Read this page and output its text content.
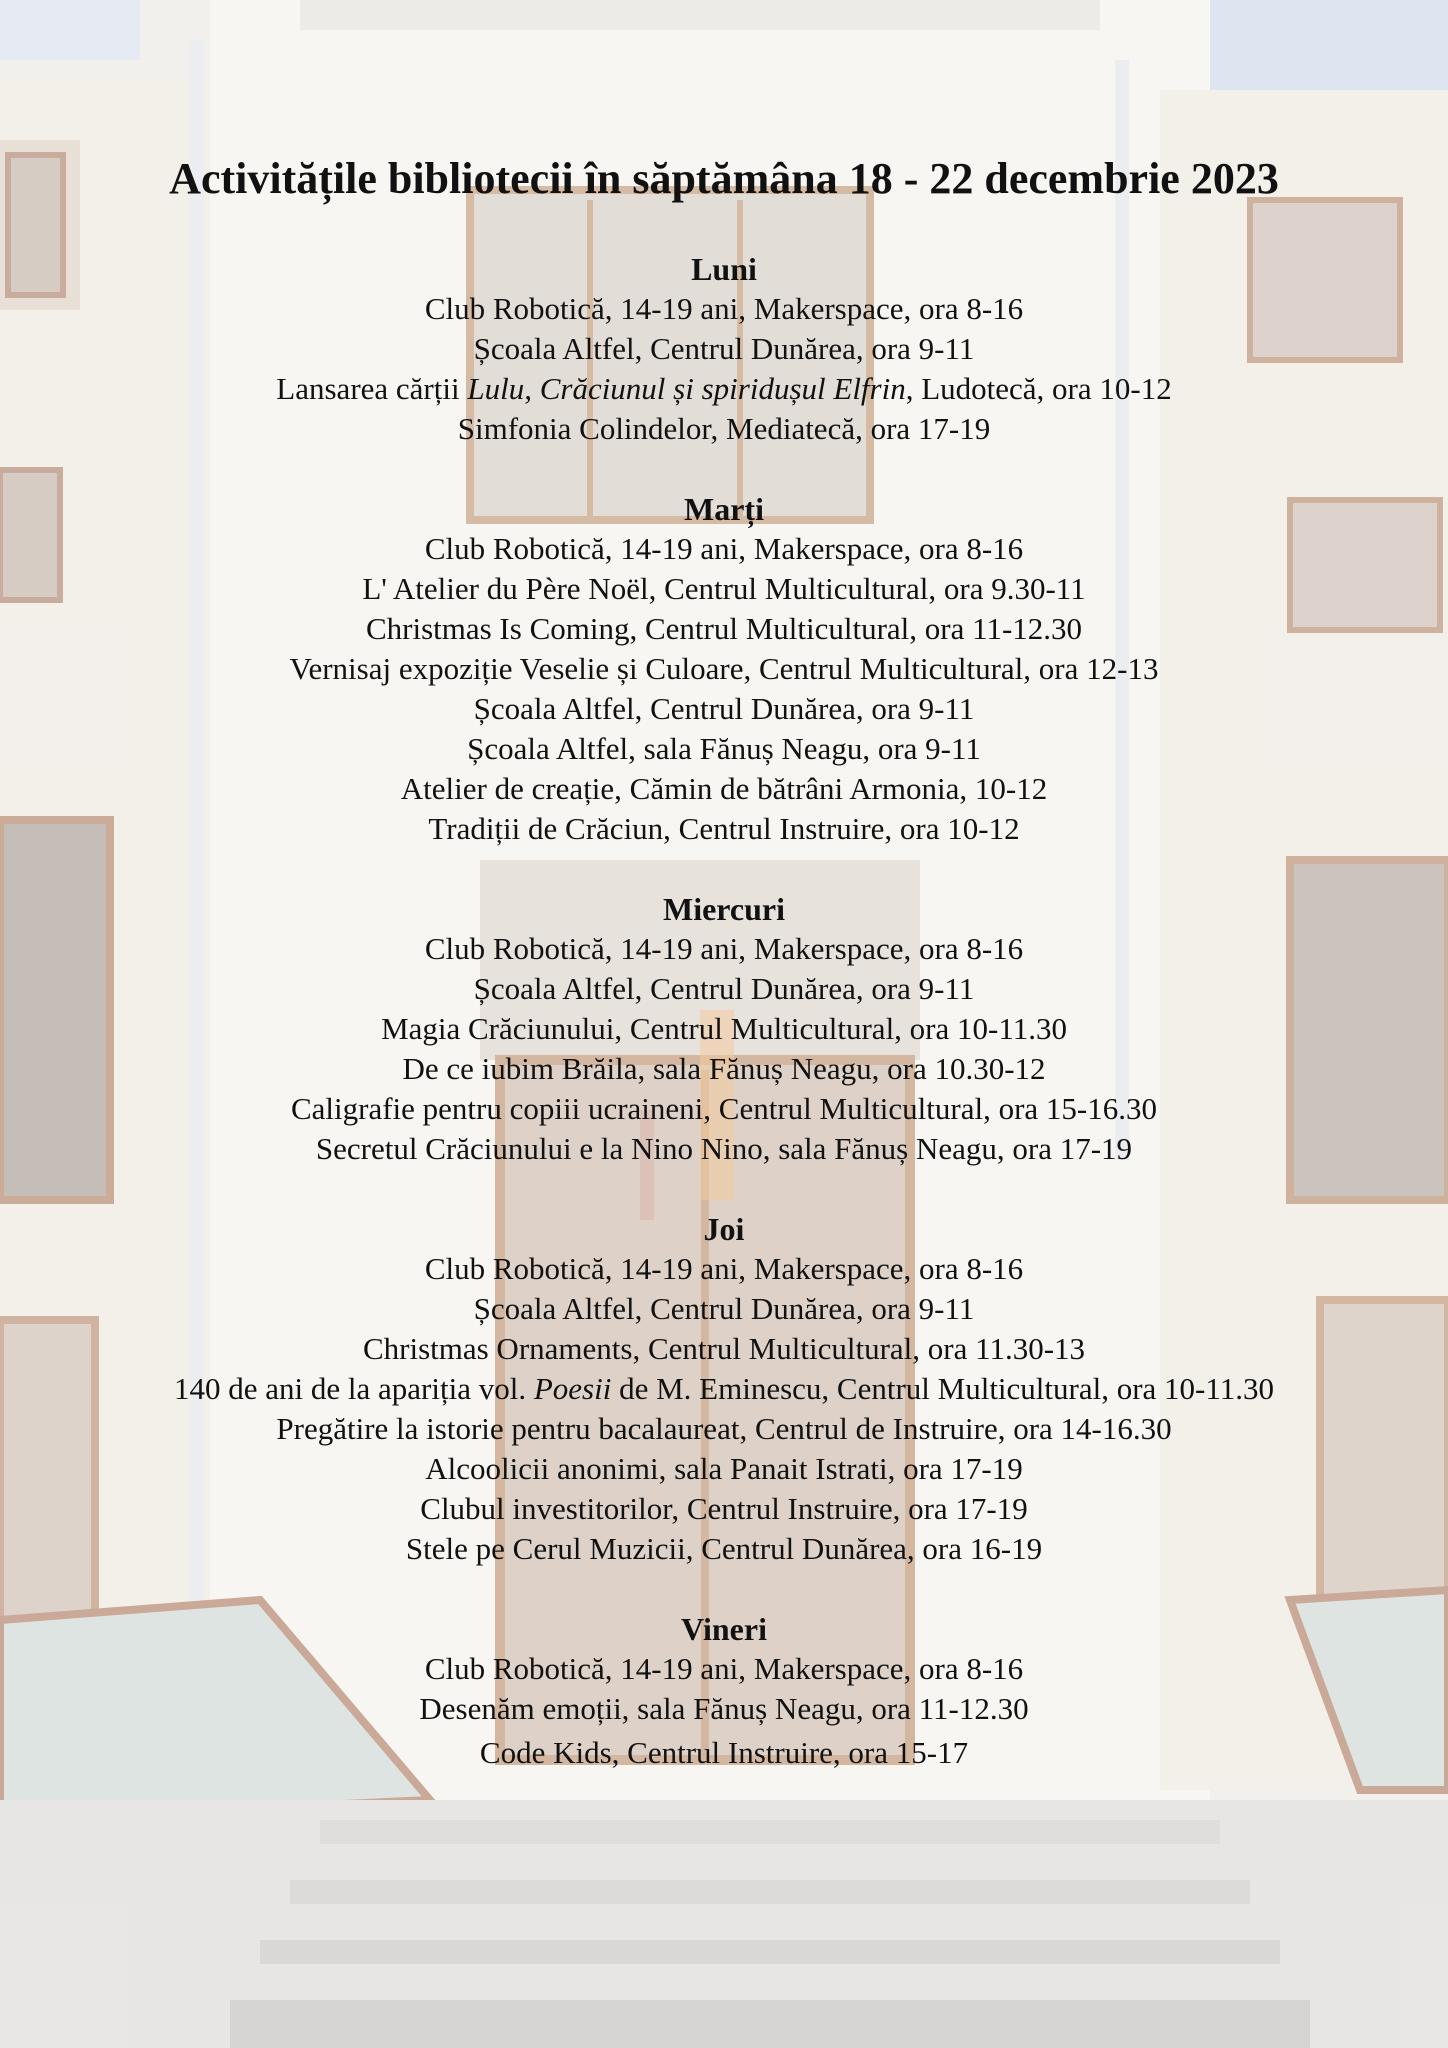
Activitățile bibliotecii în săptămâna 18 - 22 decembrie 2023

Luni

Club Robotică, 14-19 ani, Makerspace, ora 8-16

Școala Altfel, Centrul Dunărea, ora 9-11

Lansarea cărții Lulu, Crăciunul și spiridușul Elfrin, Ludotecă, ora 10-12

Simfonia Colindelor, Mediatecă, ora 17-19

Marți

Club Robotică, 14-19 ani, Makerspace, ora 8-16

L' Atelier du Père Noël, Centrul Multicultural, ora 9.30-11

Christmas Is Coming, Centrul Multicultural, ora 11-12.30

Vernisaj expoziție Veselie și Culoare, Centrul Multicultural, ora 12-13

Școala Altfel, Centrul Dunărea, ora 9-11

Școala Altfel, sala Fănuș Neagu, ora 9-11

Atelier de creație, Cămin de bătrâni Armonia, 10-12

Tradiții de Crăciun, Centrul Instruire, ora 10-12

Miercuri

Club Robotică, 14-19 ani, Makerspace, ora 8-16

Școala Altfel, Centrul Dunărea, ora 9-11

Magia Crăciunului, Centrul Multicultural, ora 10-11.30

De ce iubim Brăila, sala Fănuș Neagu, ora 10.30-12

Caligrafie pentru copiii ucraineni, Centrul Multicultural, ora 15-16.30

Secretul Crăciunului e la Nino Nino, sala Fănuș Neagu, ora 17-19

Joi

Club Robotică, 14-19 ani, Makerspace, ora 8-16

Școala Altfel, Centrul Dunărea, ora 9-11

Christmas Ornaments, Centrul Multicultural, ora 11.30-13

140 de ani de la apariția vol. Poesii de M. Eminescu, Centrul Multicultural, ora 10-11.30

Pregătire la istorie pentru bacalaureat, Centrul de Instruire, ora 14-16.30

Alcoolicii anonimi, sala Panait Istrati, ora 17-19

Clubul investitorilor, Centrul Instruire, ora 17-19

Stele pe Cerul Muzicii, Centrul Dunărea, ora 16-19

Vineri

Club Robotică, 14-19 ani, Makerspace, ora 8-16

Desenăm emoții, sala Fănuș Neagu, ora 11-12.30

Code Kids, Centrul Instruire, ora 15-17
